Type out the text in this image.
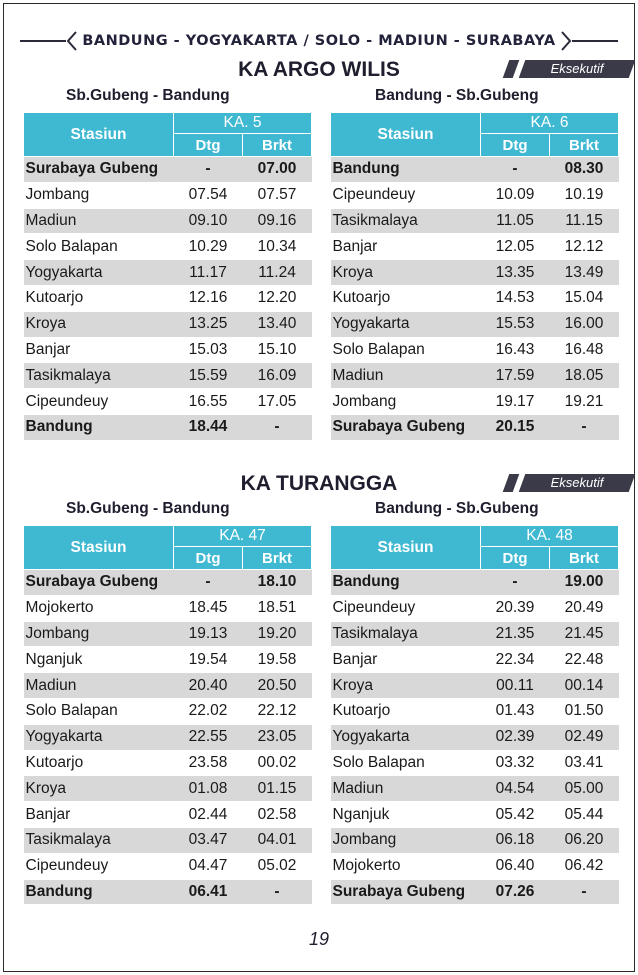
BANDUNG - YOGYAKARTA / SOLO - MADIUN - SURABAYA
KA ARGO WILIS	Eksekutif
Sb.Gubeng - Bandung	Bandung - Sb.Gubeng
Stasiun	KA. 5	
	Dtg	Brkt
Surabaya Gubeng	-	07.00
Jombang	07.54	07.57
Madiun	09.10	09.16
Solo Balapan	10.29	10.34
Yogyakarta	11.17	11.24
Kutoarjo	12.16	12.20
Kroya	13.25	13.40
Banjar	15.03	15.10
Tasikmalaya	15.59	16.09
Cipeundeuy	16.55	17.05
Bandung	18.44	-
Stasiun	KA. 6	
	Dtg	Brkt
Bandung	-	08.30
Cipeundeuy	10.09	10.19
Tasikmalaya	11.05	11.15
Banjar	12.05	12.12
Kroya	13.35	13.49
Kutoarjo	14.53	15.04
Yogyakarta	15.53	16.00
Solo Balapan	16.43	16.48
Madiun	17.59	18.05
Jombang	19.17	19.21
Surabaya Gubeng	20.15	-
KA TURANGGA	Eksekutif
Sb.Gubeng - Bandung	Bandung - Sb.Gubeng
Stasiun	KA. 47	
	Dtg	Brkt
Surabaya Gubeng	-	18.10
Mojokerto	18.45	18.51
Jombang	19.13	19.20
Nganjuk	19.54	19.58
Madiun	20.40	20.50
Solo Balapan	22.02	22.12
Yogyakarta	22.55	23.05
Kutoarjo	23.58	00.02
Kroya	01.08	01.15
Banjar	02.44	02.58
Tasikmalaya	03.47	04.01
Cipeundeuy	04.47	05.02
Bandung	06.41	-
Stasiun	KA. 48	
	Dtg	Brkt
Bandung	-	19.00
Cipeundeuy	20.39	20.49
Tasikmalaya	21.35	21.45
Banjar	22.34	22.48
Kroya	00.11	00.14
Kutoarjo	01.43	01.50
Yogyakarta	02.39	02.49
Solo Balapan	03.32	03.41
Madiun	04.54	05.00
Nganjuk	05.42	05.44
Jombang	06.18	06.20
Mojokerto	06.40	06.42
Surabaya Gubeng	07.26	-
19
